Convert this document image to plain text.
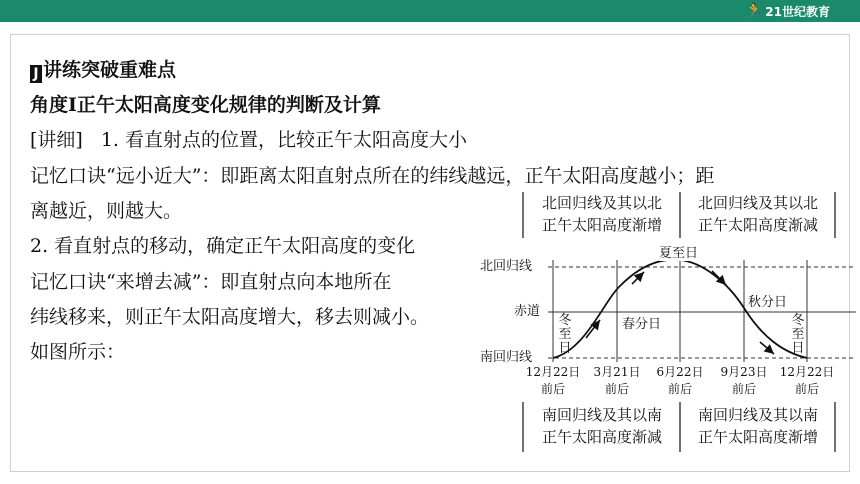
🏃 21世纪教育
J 讲练突破重难点
角度Ⅰ正午太阳高度变化规律的判断及计算
[讲细] 1. 看直射点的位置，比较正午太阳高度大小
记忆口诀“远小近大”：即距离太阳直射点所在的纬线越远，正午太阳高度越小；距
离越近，则越大。
2. 看直射点的移动，确定正午太阳高度的变化
记忆口诀“来增去减”：即直射点向本地所在
纬线移来，则正午太阳高度增大，移去则减小。
如图所示：
北回归线及其以北
正午太阳高度渐增
北回归线及其以北
正午太阳高度渐减
北回归线
赤道
南回归线
夏至日
春分日
秋分日
冬至日
冬至日
12月22日
前后
3月21日
前后
6月22日
前后
9月23日
前后
12月22日
前后
南回归线及其以南
正午太阳高度渐减
南回归线及其以南
正午太阳高度渐增
